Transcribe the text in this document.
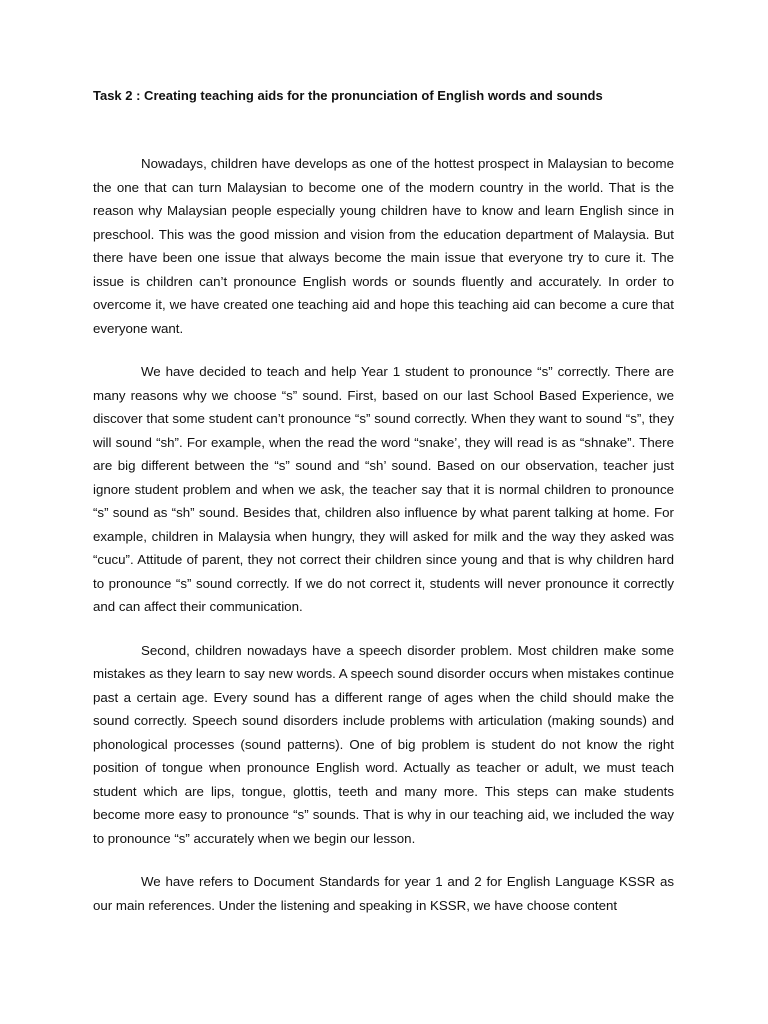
Task 2 : Creating teaching aids for the pronunciation of English words and sounds

Nowadays, children have develops as one of the hottest prospect in Malaysian to become the one that can turn Malaysian to become one of the modern country in the world. That is the reason why Malaysian people especially young children have to know and learn English since in preschool. This was the good mission and vision from the education department of Malaysia. But there have been one issue that always become the main issue that everyone try to cure it. The issue is children can’t pronounce English words or sounds fluently and accurately. In order to overcome it, we have created one teaching aid and hope this teaching aid can become a cure that everyone want.

We have decided to teach and help Year 1 student to pronounce “s” correctly. There are many reasons why we choose “s” sound. First, based on our last School Based Experience, we discover that some student can’t pronounce “s” sound correctly. When they want to sound “s”, they will sound “sh”. For example, when the read the word “snake’, they will read is as “shnake”. There are big different between the “s” sound and “sh’ sound. Based on our observation, teacher just ignore student problem and when we ask, the teacher say that it is normal children to pronounce “s” sound as “sh” sound. Besides that, children also influence by what parent talking at home. For example, children in Malaysia when hungry, they will asked for milk and the way they asked was “cucu”. Attitude of parent, they not correct their children since young and that is why children hard to pronounce “s” sound correctly. If we do not correct it, students will never pronounce it correctly and can affect their communication.

Second, children nowadays have a speech disorder problem. Most children make some mistakes as they learn to say new words. A speech sound disorder occurs when mistakes continue past a certain age. Every sound has a different range of ages when the child should make the sound correctly. Speech sound disorders include problems with articulation (making sounds) and phonological processes (sound patterns). One of big problem is student do not know the right position of tongue when pronounce English word. Actually as teacher or adult, we must teach student which are lips, tongue, glottis, teeth and many more. This steps can make students become more easy to pronounce “s” sounds. That is why in our teaching aid, we included the way to pronounce “s” accurately when we begin our lesson.

We have refers to Document Standards for year 1 and 2 for English Language KSSR as our main references. Under the listening and speaking in KSSR, we have choose content
